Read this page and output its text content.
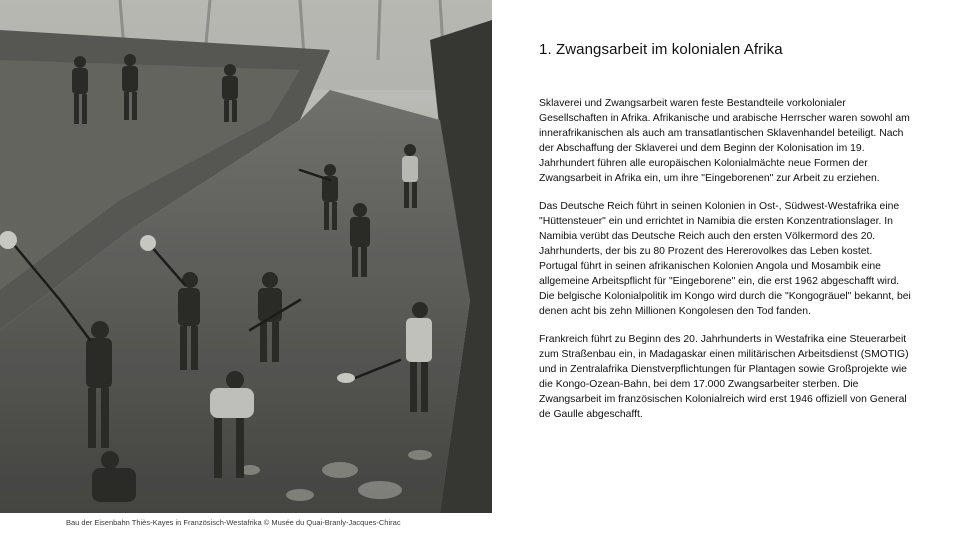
Bau der Eisenbahn Thiès-Kayes in Französisch-Westafrika © Musée du Quai-Branly-Jacques-Chirac
1. Zwangsarbeit im kolonialen Afrika

Sklaverei und Zwangsarbeit waren feste Bestandteile vorkolonialer Gesellschaften in Afrika. Afrikanische und arabische Herrscher waren sowohl am innerafrikanischen als auch am transatlantischen Sklavenhandel beteiligt. Nach der Abschaffung der Sklaverei und dem Beginn der Kolonisation im 19. Jahrhundert führen alle europäischen Kolonialmächte neue Formen der Zwangsarbeit in Afrika ein, um ihre "Eingeborenen" zur Arbeit zu erziehen.

Das Deutsche Reich führt in seinen Kolonien in Ost-, Südwest-Westafrika eine "Hüttensteuer" ein und errichtet in Namibia die ersten Konzentrationslager. In Namibia verübt das Deutsche Reich auch den ersten Völkermord des 20. Jahrhunderts, der bis zu 80 Prozent des Hererovolkes das Leben kostet. Portugal führt in seinen afrikanischen Kolonien Angola und Mosambik eine allgemeine Arbeitspflicht für "Eingeborene" ein, die erst 1962 abgeschafft wird. Die belgische Kolonialpolitik im Kongo wird durch die "Kongogräuel" bekannt, bei denen acht bis zehn Millionen Kongolesen den Tod fanden.

Frankreich führt zu Beginn des 20. Jahrhunderts in Westafrika eine Steuerarbeit zum Straßenbau ein, in Madagaskar einen militärischen Arbeitsdienst (SMOTIG) und in Zentralafrika Dienstverpflichtungen für Plantagen sowie Großprojekte wie die Kongo-Ozean-Bahn, bei dem 17.000 Zwangsarbeiter sterben. Die Zwangsarbeit im französischen Kolonialreich wird erst 1946 offiziell von General de Gaulle abgeschafft.
